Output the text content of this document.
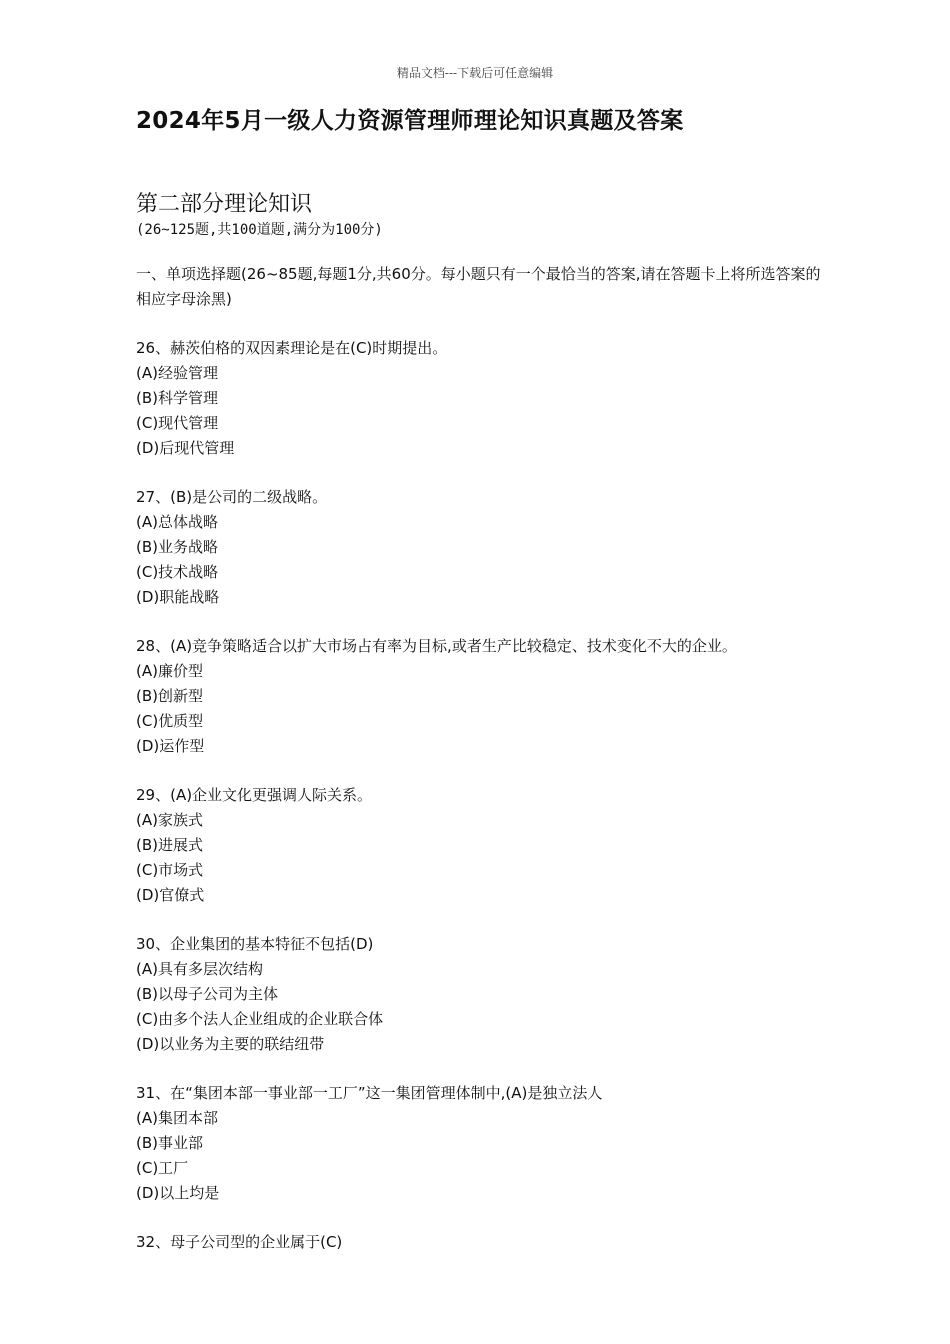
精品文档---下载后可任意编辑
2024年5月一级人力资源管理师理论知识真题及答案
第二部分理论知识
(26~125题,共100道题,满分为100分)
一、单项选择题(26~85题,每题1分,共60分。每小题只有一个最恰当的答案,请在答题卡上将所选答案的相应字母涂黑)
26、赫茨伯格的双因素理论是在(C)时期提出。
(A)经验管理
(B)科学管理
(C)现代管理
(D)后现代管理
27、(B)是公司的二级战略。
(A)总体战略
(B)业务战略
(C)技术战略
(D)职能战略
28、(A)竞争策略适合以扩大市场占有率为目标,或者生产比较稳定、技术变化不大的企业。
(A)廉价型
(B)创新型
(C)优质型
(D)运作型
29、(A)企业文化更强调人际关系。
(A)家族式
(B)进展式
(C)市场式
(D)官僚式
30、企业集团的基本特征不包括(D)
(A)具有多层次结构
(B)以母子公司为主体
(C)由多个法人企业组成的企业联合体
(D)以业务为主要的联结纽带
31、在“集团本部一事业部一工厂”这一集团管理体制中,(A)是独立法人
(A)集团本部
(B)事业部
(C)工厂
(D)以上均是
32、母子公司型的企业属于(C)
